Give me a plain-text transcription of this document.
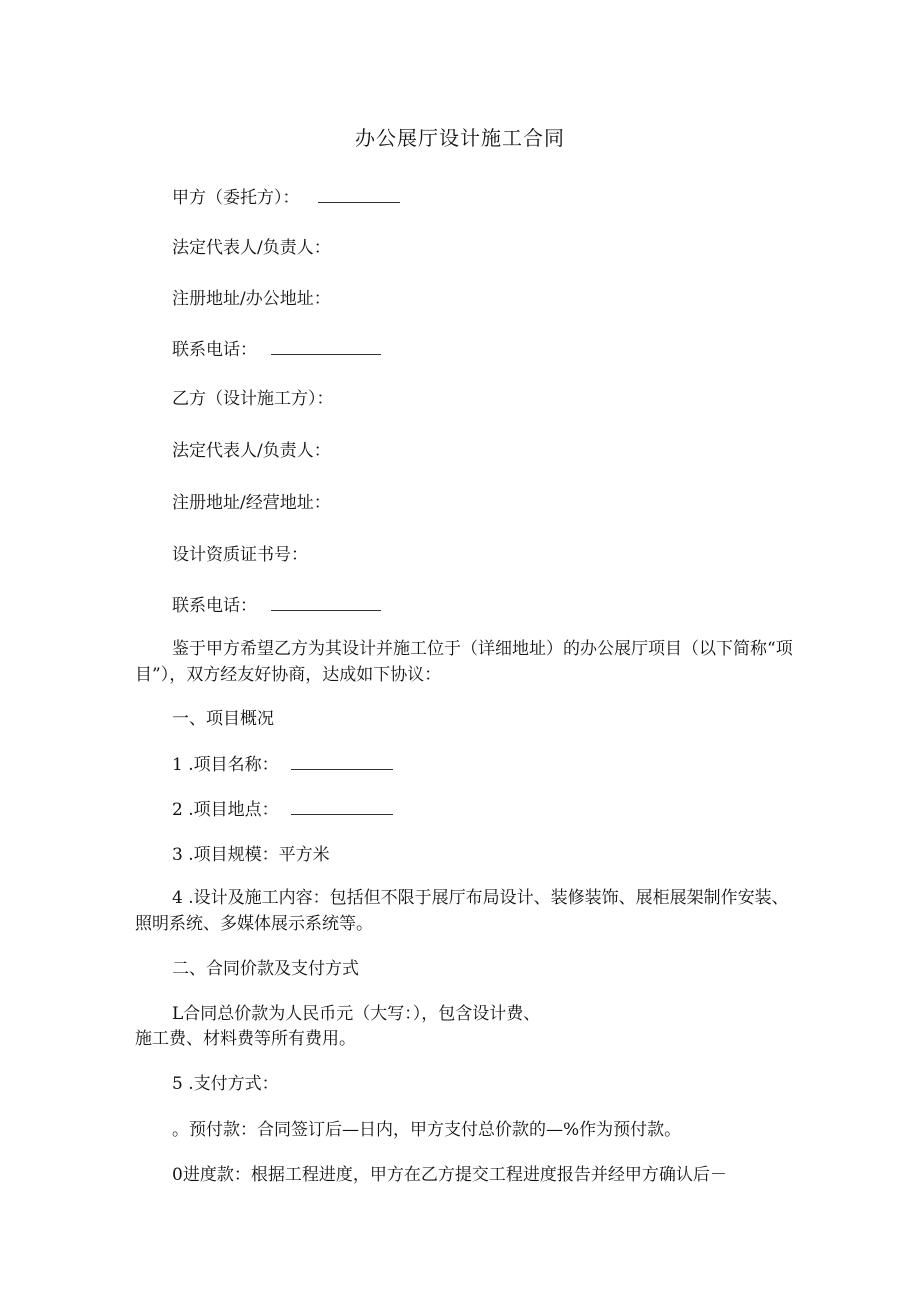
办公展厅设计施工合同
甲方（委托方）：
法定代表人/负责人：
注册地址/办公地址：
联系电话：
乙方（设计施工方）：
法定代表人/负责人：
注册地址/经营地址：
设计资质证书号：
联系电话：
鉴于甲方希望乙方为其设计并施工位于（详细地址）的办公展厅项目（以下简称“项目”），双方经友好协商，达成如下协议：
一、项目概况
1 .项目名称：
2 .项目地点：
3 .项目规模：平方米
4 .设计及施工内容：包括但不限于展厅布局设计、装修装饰、展柜展架制作安装、照明系统、多媒体展示系统等。
二、合同价款及支付方式
L合同总价款为人民币元（大写：），包含设计费、
施工费、材料费等所有费用。
5 .支付方式：
。预付款：合同签订后—日内，甲方支付总价款的—%作为预付款。
0进度款：根据工程进度，甲方在乙方提交工程进度报告并经甲方确认后－
